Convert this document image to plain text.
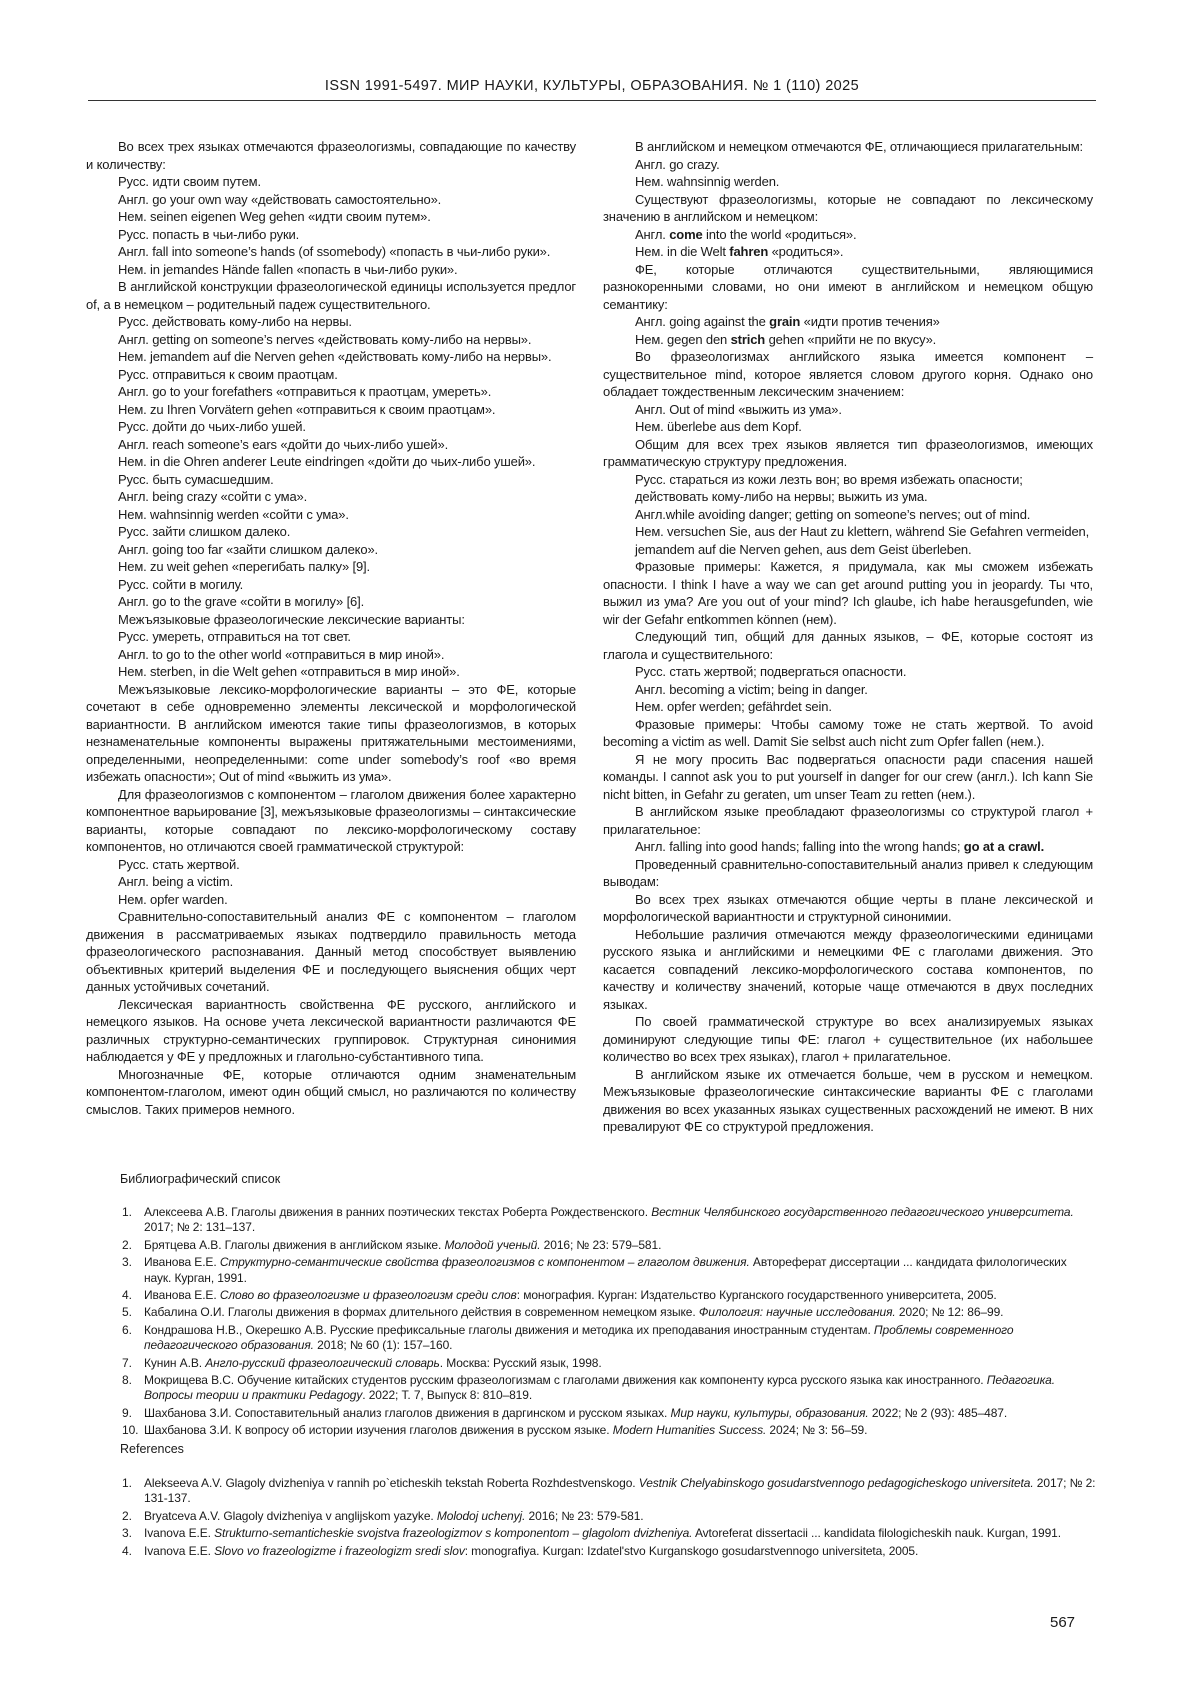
ISSN 1991-5497. МИР НАУКИ, КУЛЬТУРЫ, ОБРАЗОВАНИЯ. № 1 (110) 2025

Во всех трех языках отмечаются фразеологизмы, совпадающие по качеству и количеству:

Русс. идти своим путем.

Англ. go your own way «действовать самостоятельно».

Нем. seinen eigenen Weg gehen «идти своим путем».

Русс. попасть в чьи-либо руки.

Англ. fall into someone’s hands (of ssomebody) «попасть в чьи-либо руки».

Нем. in jemandes Hände fallen «попасть в чьи-либо руки».

В английской конструкции фразеологической единицы используется предлог of, а в немецком – родительный падеж существительного.

Русс. действовать кому-либо на нервы.

Англ. getting on someone’s nerves «действовать кому-либо на нервы».

Нем. jemandem auf die Nerven gehen «действовать кому-либо на нервы».

Русс. отправиться к своим праотцам.

Англ. go to your forefathers «отправиться к праотцам, умереть».

Нем. zu Ihren Vorvätern gehen «отправиться к своим праотцам».

Русс. дойти до чьих-либо ушей.

Англ. reach someone’s ears «дойти до чьих-либо ушей».

Нем. in die Ohren anderer Leute eindringen «дойти до чьих-либо ушей».

Русс. быть сумасшедшим.

Англ. being crazy «сойти с ума».

Нем. wahnsinnig werden «сойти с ума».

Русс. зайти слишком далеко.

Англ. going too far «зайти слишком далеко».

Нем. zu weit gehen «перегибать палку» [9].

Русс. сойти в могилу.

Англ. go to the grave «сойти в могилу» [6].

Межъязыковые фразеологические лексические варианты:

Русс. умереть, отправиться на тот свет.

Англ. to go to the other world «отправиться в мир иной».

Нем. sterben, in die Welt gehen «отправиться в мир иной».

Межъязыковые лексико-морфологические варианты – это ФЕ, которые сочетают в себе одновременно элементы лексической и морфологической вариантности. В английском имеются такие типы фразеологизмов, в которых незнаменательные компоненты выражены притяжательными местоимениями, определенными, неопределенными: come under somebody’s roof «во время избежать опасности»; Out of mind «выжить из ума».

Для фразеологизмов с компонентом – глаголом движения более характерно компонентное варьирование [3], межъязыковые фразеологизмы – синтаксические варианты, которые совпадают по лексико-морфологическому составу компонентов, но отличаются своей грамматической структурой:

Русс. стать жертвой.

Англ. being a victim.

Нем. opfer warden.

Сравнительно-сопоставительный анализ ФЕ с компонентом – глаголом движения в рассматриваемых языках подтвердило правильность метода фразеологического распознавания. Данный метод способствует выявлению объективных критерий выделения ФЕ и последующего выяснения общих черт данных устойчивых сочетаний.

Лексическая вариантность свойственна ФЕ русского, английского и немецкого языков. На основе учета лексической вариантности различаются ФЕ различных структурно-семантических группировок. Структурная синонимия наблюдается у ФЕ у предложных и глагольно-субстантивного типа.

Многозначные ФЕ, которые отличаются одним знаменательным компонентом-глаголом, имеют один общий смысл, но различаются по количеству смыслов. Таких примеров немного.

В английском и немецком отмечаются ФЕ, отличающиеся прилагательным:

Англ. go crazy.

Нем. wahnsinnig werden.

Существуют фразеологизмы, которые не совпадают по лексическому значению в английском и немецком:

Англ. come into the world «родиться».

Нем. in die Welt fahren «родиться».

ФЕ, которые отличаются существительными, являющимися разнокоренными словами, но они имеют в английском и немецком общую семантику:

Англ. going against the grain «идти против течения»

Нем. gegen den strich gehen «прийти не по вкусу».

Во фразеологизмах английского языка имеется компонент – существительное mind, которое является словом другого корня. Однако оно обладает тождественным лексическим значением:

Англ. Out of mind «выжить из ума».

Нем. überlebe aus dem Kopf.

Общим для всех трех языков является тип фразеологизмов, имеющих грамматическую структуру предложения.

Русс. стараться из кожи лезть вон; во время избежать опасности; действовать кому-либо на нервы; выжить из ума.

Англ.while avoiding danger; getting on someone’s nerves; out of mind.

Нем. versuchen Sie, aus der Haut zu klettern, während Sie Gefahren vermeiden, jemandem auf die Nerven gehen, aus dem Geist überleben.

Фразовые примеры: Кажется, я придумала, как мы сможем избежать опасности. I think I have a way we can get around putting you in jeopardy. Ты что, выжил из ума? Are you out of your mind? Ich glaube, ich habe herausgefunden, wie wir der Gefahr entkommen können (нем).

Следующий тип, общий для данных языков, – ФЕ, которые состоят из глагола и существительного:

Русс. стать жертвой; подвергаться опасности.

Англ. becoming a victim; being in danger.

Нем. opfer werden; gefährdet sein.

Фразовые примеры: Чтобы самому тоже не стать жертвой. To avoid becoming a victim as well. Damit Sie selbst auch nicht zum Opfer fallen (нем.).

Я не могу просить Вас подвергаться опасности ради спасения нашей команды. I cannot ask you to put yourself in danger for our crew (англ.). Ich kann Sie nicht bitten, in Gefahr zu geraten, um unser Team zu retten (нем.).

В английском языке преобладают фразеологизмы со структурой глагол + прилагательное:

Англ. falling into good hands; falling into the wrong hands; go at a crawl.

Проведенный сравнительно-сопоставительный анализ привел к следующим выводам:

Во всех трех языках отмечаются общие черты в плане лексической и морфологической вариантности и структурной синонимии.

Небольшие различия отмечаются между фразеологическими единицами русского языка и английскими и немецкими ФЕ с глаголами движения. Это касается совпадений лексико-морфологического состава компонентов, по качеству и количеству значений, которые чаще отмечаются в двух последних языках.

По своей грамматической структуре во всех анализируемых языках доминируют следующие типы ФЕ: глагол + существительное (их набольшее количество во всех трех языках), глагол + прилагательное.

В английском языке их отмечается больше, чем в русском и немецком. Межъязыковые фразеологические синтаксические варианты ФЕ с глаголами движения во всех указанных языках существенных расхождений не имеют. В них превалируют ФЕ со структурой предложения.

Библиографический список
1. Алексеева А.В. Глаголы движения в ранних поэтических текстах Роберта Рождественского. Вестник Челябинского государственного педагогического университета. 2017; № 2: 131–137.
2. Брятцева А.В. Глаголы движения в английском языке. Молодой ученый. 2016; № 23: 579–581.
3. Иванова Е.Е. Структурно-семантические свойства фразеологизмов с компонентом – глаголом движения. Автореферат диссертации ... кандидата филологических наук. Курган, 1991.
4. Иванова Е.Е. Слово во фразеологизме и фразеологизм среди слов: монография. Курган: Издательство Курганского государственного университета, 2005.
5. Кабалина О.И. Глаголы движения в формах длительного действия в современном немецком языке. Филология: научные исследования. 2020; № 12: 86–99.
6. Кондрашова Н.В., Окерешко А.В. Русские префиксальные глаголы движения и методика их преподавания иностранным студентам. Проблемы современного педагогического образования. 2018; № 60 (1): 157–160.
7. Кунин А.В. Англо-русский фразеологический словарь. Москва: Русский язык, 1998.
8. Мокрищева В.С. Обучение китайских студентов русским фразеологизмам с глаголами движения как компоненту курса русского языка как иностранного. Педагогика. Вопросы теории и практики Pedagogy. 2022; Т. 7, Выпуск 8: 810–819.
9. Шахбанова З.И. Сопоставительный анализ глаголов движения в даргинском и русском языках. Мир науки, культуры, образования. 2022; № 2 (93): 485–487.
10. Шахбанова З.И. К вопросу об истории изучения глаголов движения в русском языке. Modern Humanities Success. 2024; № 3: 56–59.
References
1. Alekseeva A.V. Glagoly dvizheniya v rannih po`eticheskih tekstah Roberta Rozhdestvenskogo. Vestnik Chelyabinskogo gosudarstvennogo pedagogicheskogo universiteta. 2017; № 2: 131-137.
2. Bryatceva A.V. Glagoly dvizheniya v anglijskom yazyke. Molodoj uchenyj. 2016; № 23: 579-581.
3. Ivanova E.E. Strukturno-semanticheskie svojstva frazeologizmov s komponentom – glagolom dvizheniya. Avtoreferat dissertacii ... kandidata filologicheskih nauk. Kurgan, 1991.
4. Ivanova E.E. Slovo vo frazeologizme i frazeologizm sredi slov: monografiya. Kurgan: Izdatel'stvo Kurganskogo gosudarstvennogo universiteta, 2005.
567
